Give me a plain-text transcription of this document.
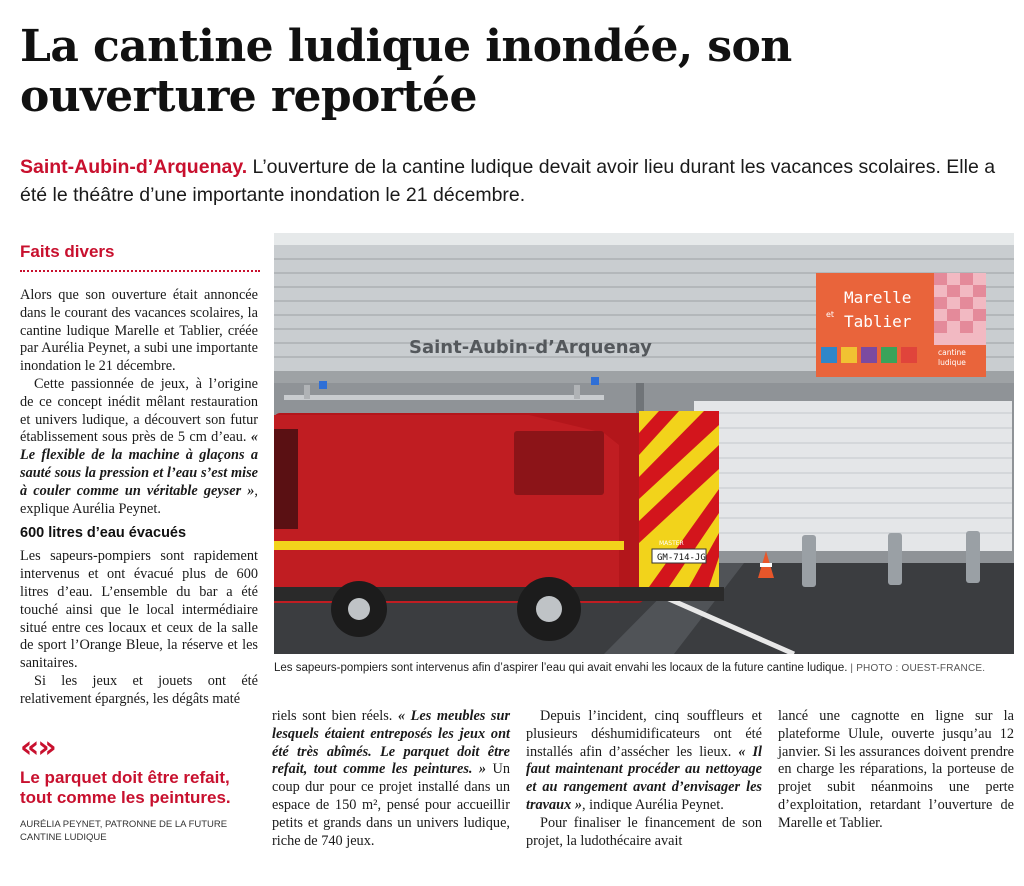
La cantine ludique inondée, son ouverture reportée

Saint-Aubin-d’Arquenay. L’ouverture de la cantine ludique devait avoir lieu durant les vacances scolaires. Elle a été le théâtre d’une importante inondation le 21 décembre.

Faits divers

Alors que son ouverture était annoncée dans le courant des vacances scolaires, la cantine ludique Marelle et Tablier, créée par Aurélia Peynet, a subi une importante inondation le 21 décembre.

Cette passionnée de jeux, à l’origine de ce concept inédit mêlant restauration et univers ludique, a découvert son futur établissement sous près de 5 cm d’eau. « Le flexible de la machine à glaçons a sauté sous la pression et l’eau s’est mise à couler comme un véritable geyser », explique Aurélia Peynet.

600 litres d’eau évacués

Les sapeurs-pompiers sont rapidement intervenus et ont évacué plus de 600 litres d’eau. L’ensemble du bar a été touché ainsi que le local intermédiaire situé entre ces locaux et ceux de la salle de sport l’Orange Bleue, la réserve et les sanitaires.

Si les jeux et jouets ont été relativement épargnés, les dégâts maté

Saint-Aubin-d’Arquenay
Marelle
et Tablier
cantine
ludique
GM-714-JG
MASTER

Les sapeurs-pompiers sont intervenus afin d’aspirer l’eau qui avait envahi les locaux de la future cantine ludique. | PHOTO : OUEST-FRANCE.

riels sont bien réels. « Les meubles sur lesquels étaient entreposés les jeux ont été très abîmés. Le parquet doit être refait, tout comme les peintures. » Un coup dur pour ce projet installé dans un espace de 150 m², pensé pour accueillir petits et grands dans un univers ludique, riche de 740 jeux.

Depuis l’incident, cinq souffleurs et plusieurs déshumidificateurs ont été installés afin d’assécher les lieux. « Il faut maintenant procéder au nettoyage et au rangement avant d’envisager les travaux », indique Aurélia Peynet.

Pour finaliser le financement de son projet, la ludothécaire avait

lancé une cagnotte en ligne sur la plateforme Ulule, ouverte jusqu’au 12 janvier. Si les assurances doivent prendre en charge les réparations, la porteuse de projet subit néanmoins une perte d’exploitation, retardant l’ouverture de Marelle et Tablier.

«»

Le parquet doit être refait, tout comme les peintures.

AURÉLIA PEYNET, PATRONNE DE LA FUTURE CANTINE LUDIQUE
